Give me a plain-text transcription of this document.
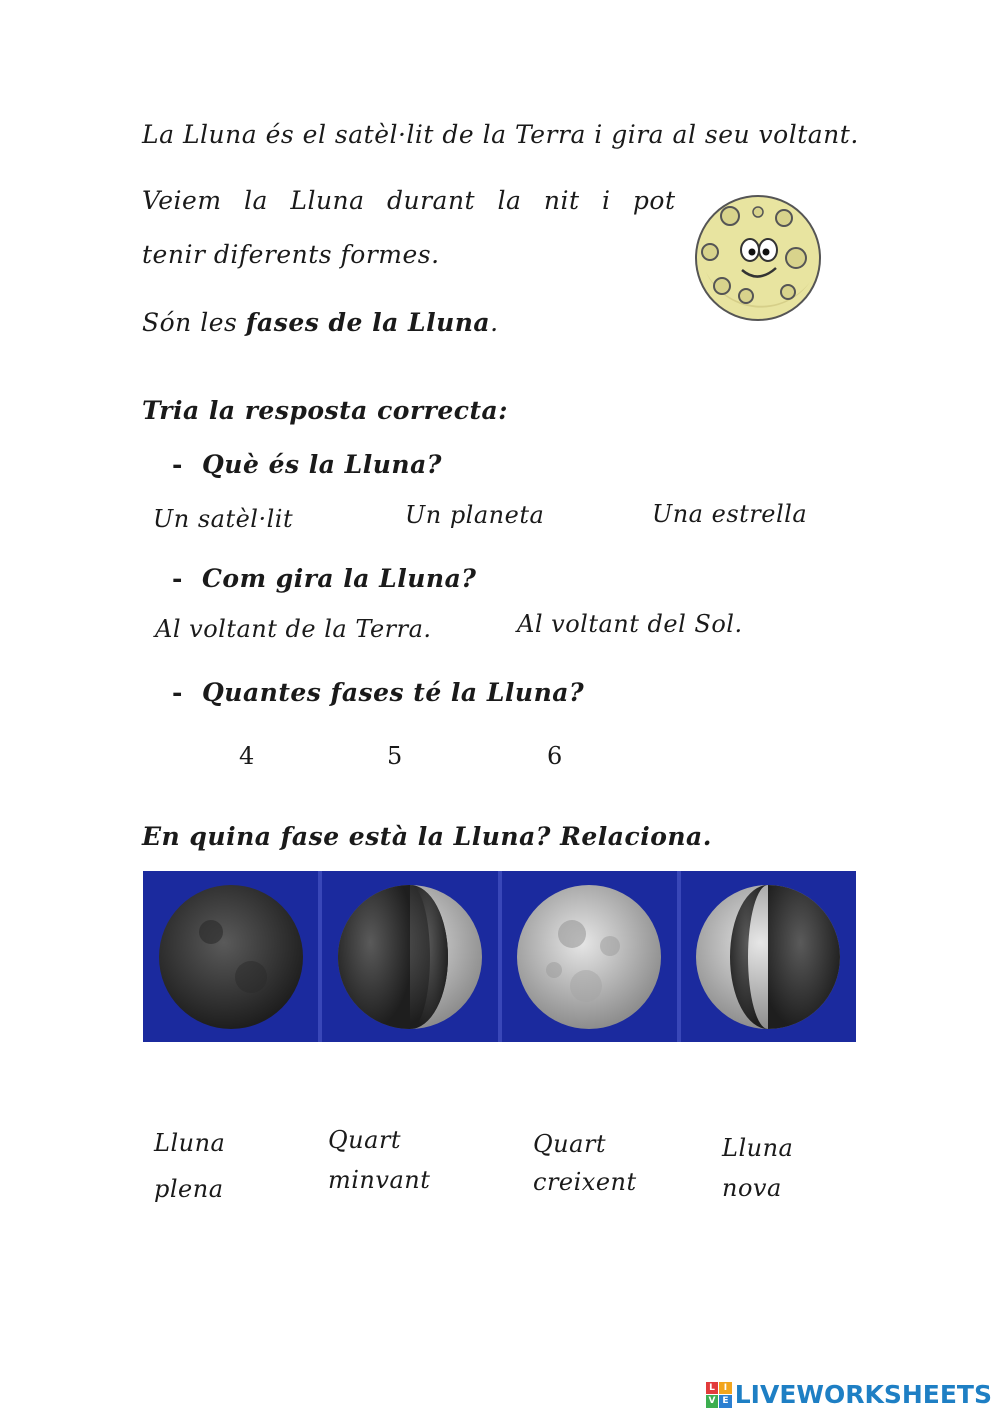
La Lluna és el satèl·lit de la Terra i gira al seu voltant.
Veiem la Lluna durant la nit i pot
tenir diferents formes.
Són les fases de la Lluna.
Tria la resposta correcta:
- Què és la Lluna?
Un satèl·lit	Un planeta	Una estrella
- Com gira la Lluna?
Al voltant de la Terra.	Al voltant del Sol.
- Quantes fases té la Lluna?
4	5	6
En quina fase està la Lluna? Relaciona.
Lluna
plena
Quart
minvant
Quart
creixent
Lluna
nova
L I
V E LIVEWORKSHEETS
